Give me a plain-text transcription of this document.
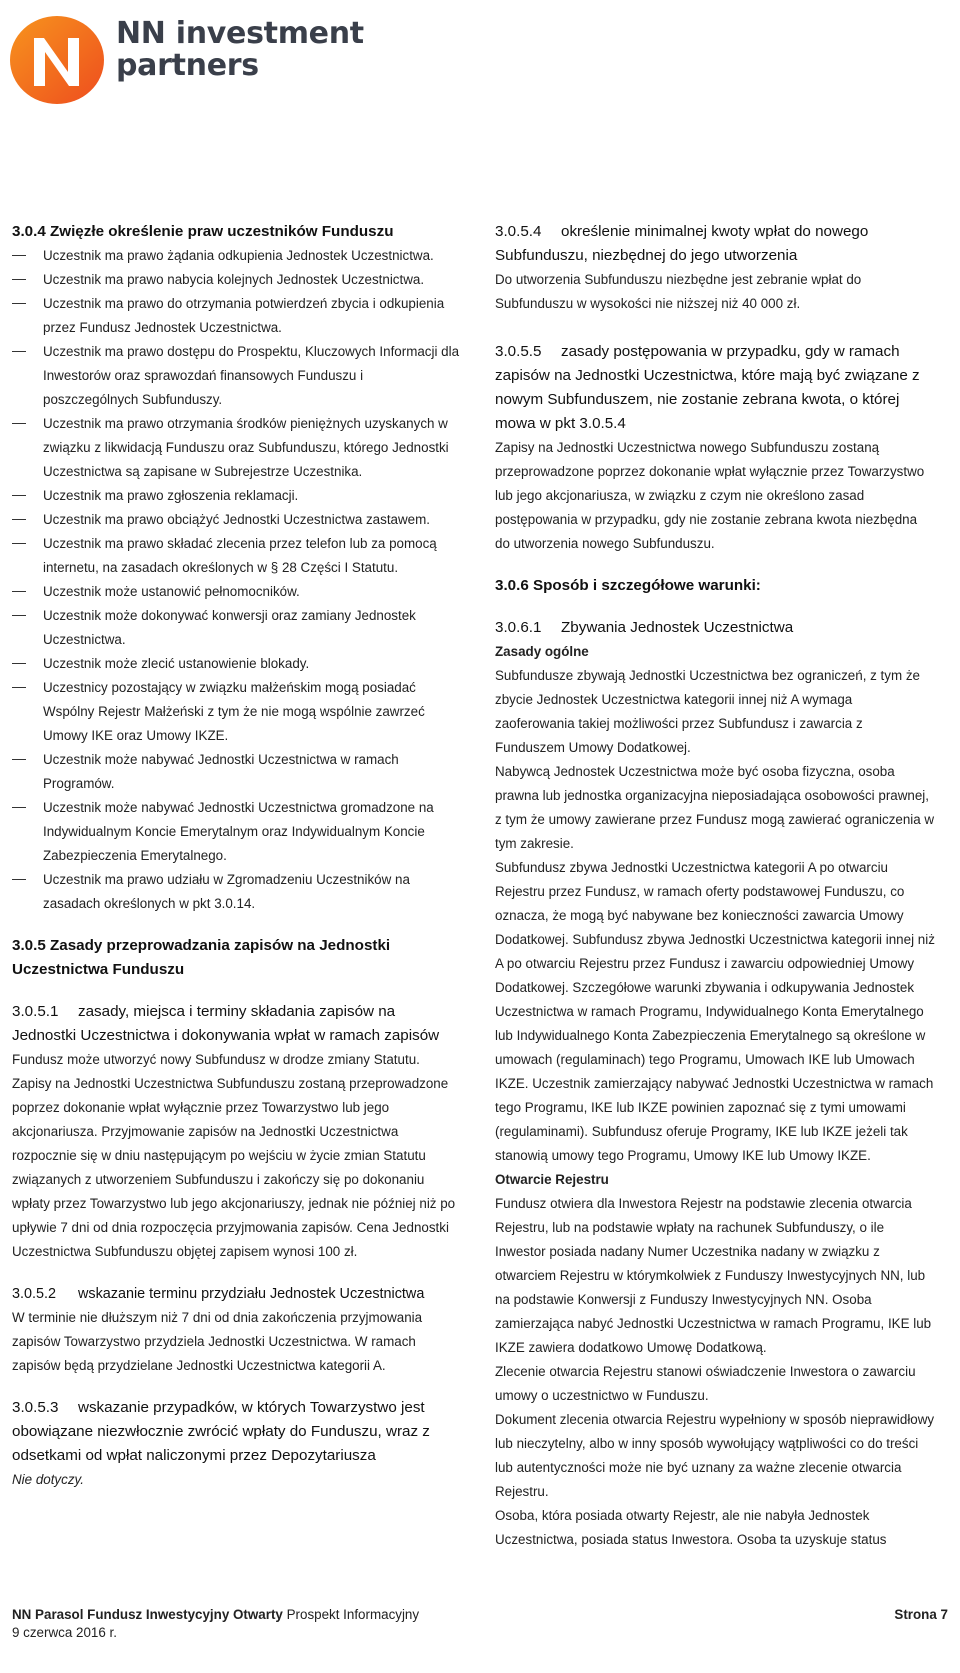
NN investment
partners
3.0.4 Zwięzłe określenie praw uczestników Funduszu
Uczestnik ma prawo żądania odkupienia Jednostek Uczestnictwa.
Uczestnik ma prawo nabycia kolejnych Jednostek Uczestnictwa.
Uczestnik ma prawo do otrzymania potwierdzeń zbycia i odkupienia przez Fundusz Jednostek Uczestnictwa.
Uczestnik ma prawo dostępu do Prospektu, Kluczowych Informacji dla Inwestorów oraz sprawozdań finansowych Funduszu i poszczególnych Subfunduszy.
Uczestnik ma prawo otrzymania środków pieniężnych uzyskanych w związku z likwidacją Funduszu oraz Subfunduszu, którego Jednostki Uczestnictwa są zapisane w Subrejestrze Uczestnika.
Uczestnik ma prawo zgłoszenia reklamacji.
Uczestnik ma prawo obciążyć Jednostki Uczestnictwa zastawem.
Uczestnik ma prawo składać zlecenia przez telefon lub za pomocą internetu, na zasadach określonych w § 28 Części I Statutu.
Uczestnik może ustanowić pełnomocników.
Uczestnik może dokonywać konwersji oraz zamiany Jednostek Uczestnictwa.
Uczestnik może zlecić ustanowienie blokady.
Uczestnicy pozostający w związku małżeńskim mogą posiadać Wspólny Rejestr Małżeński z tym że nie mogą wspólnie zawrzeć Umowy IKE oraz Umowy IKZE.
Uczestnik może nabywać Jednostki Uczestnictwa w ramach Programów.
Uczestnik może nabywać Jednostki Uczestnictwa gromadzone na Indywidualnym Koncie Emerytalnym oraz Indywidualnym Koncie Zabezpieczenia Emerytalnego.
Uczestnik ma prawo udziału w Zgromadzeniu Uczestników na zasadach określonych w pkt 3.0.14.
3.0.5 Zasady przeprowadzania zapisów na Jednostki Uczestnictwa Funduszu
3.0.5.1 zasady, miejsca i terminy składania zapisów na Jednostki Uczestnictwa i dokonywania wpłat w ramach zapisów
Fundusz może utworzyć nowy Subfundusz w drodze zmiany Statutu. Zapisy na Jednostki Uczestnictwa Subfunduszu zostaną przeprowadzone poprzez dokonanie wpłat wyłącznie przez Towarzystwo lub jego akcjonariusza. Przyjmowanie zapisów na Jednostki Uczestnictwa rozpocznie się w dniu następującym po wejściu w życie zmian Statutu związanych z utworzeniem Subfunduszu i zakończy się po dokonaniu wpłaty przez Towarzystwo lub jego akcjonariuszy, jednak nie później niż po upływie 7 dni od dnia rozpoczęcia przyjmowania zapisów. Cena Jednostki Uczestnictwa Subfunduszu objętej zapisem wynosi 100 zł.
3.0.5.2 wskazanie terminu przydziału Jednostek Uczestnictwa
W terminie nie dłuższym niż 7 dni od dnia zakończenia przyjmowania zapisów Towarzystwo przydziela Jednostki Uczestnictwa. W ramach zapisów będą przydzielane Jednostki Uczestnictwa kategorii A.
3.0.5.3 wskazanie przypadków, w których Towarzystwo jest obowiązane niezwłocznie zwrócić wpłaty do Funduszu, wraz z odsetkami od wpłat naliczonymi przez Depozytariusza
Nie dotyczy.
3.0.5.4 określenie minimalnej kwoty wpłat do nowego Subfunduszu, niezbędnej do jego utworzenia
Do utworzenia Subfunduszu niezbędne jest zebranie wpłat do Subfunduszu w wysokości nie niższej niż 40 000 zł.
3.0.5.5 zasady postępowania w przypadku, gdy w ramach zapisów na Jednostki Uczestnictwa, które mają być związane z nowym Subfunduszem, nie zostanie zebrana kwota, o której mowa w pkt 3.0.5.4
Zapisy na Jednostki Uczestnictwa nowego Subfunduszu zostaną przeprowadzone poprzez dokonanie wpłat wyłącznie przez Towarzystwo lub jego akcjonariusza, w związku z czym nie określono zasad postępowania w przypadku, gdy nie zostanie zebrana kwota niezbędna do utworzenia nowego Subfunduszu.
3.0.6 Sposób i szczegółowe warunki:
3.0.6.1 Zbywania Jednostek Uczestnictwa
Zasady ogólne
Subfundusze zbywają Jednostki Uczestnictwa bez ograniczeń, z tym że zbycie Jednostek Uczestnictwa kategorii innej niż A wymaga zaoferowania takiej możliwości przez Subfundusz i zawarcia z Funduszem Umowy Dodatkowej.
Nabywcą Jednostek Uczestnictwa może być osoba fizyczna, osoba prawna lub jednostka organizacyjna nieposiadająca osobowości prawnej, z tym że umowy zawierane przez Fundusz mogą zawierać ograniczenia w tym zakresie.
Subfundusz zbywa Jednostki Uczestnictwa kategorii A po otwarciu Rejestru przez Fundusz, w ramach oferty podstawowej Funduszu, co oznacza, że mogą być nabywane bez konieczności zawarcia Umowy Dodatkowej. Subfundusz zbywa Jednostki Uczestnictwa kategorii innej niż A po otwarciu Rejestru przez Fundusz i zawarciu odpowiedniej Umowy Dodatkowej. Szczegółowe warunki zbywania i odkupywania Jednostek Uczestnictwa w ramach Programu, Indywidualnego Konta Emerytalnego lub Indywidualnego Konta Zabezpieczenia Emerytalnego są określone w umowach (regulaminach) tego Programu, Umowach IKE lub Umowach IKZE. Uczestnik zamierzający nabywać Jednostki Uczestnictwa w ramach tego Programu, IKE lub IKZE powinien zapoznać się z tymi umowami (regulaminami). Subfundusz oferuje Programy, IKE lub IKZE jeżeli tak stanowią umowy tego Programu, Umowy IKE lub Umowy IKZE.
Otwarcie Rejestru
Fundusz otwiera dla Inwestora Rejestr na podstawie zlecenia otwarcia Rejestru, lub na podstawie wpłaty na rachunek Subfunduszy, o ile Inwestor posiada nadany Numer Uczestnika nadany w związku z otwarciem Rejestru w którymkolwiek z Funduszy Inwestycyjnych NN, lub na podstawie Konwersji z Funduszy Inwestycyjnych NN. Osoba zamierzająca nabyć Jednostki Uczestnictwa w ramach Programu, IKE lub IKZE zawiera dodatkowo Umowę Dodatkową.
Zlecenie otwarcia Rejestru stanowi oświadczenie Inwestora o zawarciu umowy o uczestnictwo w Funduszu.
Dokument zlecenia otwarcia Rejestru wypełniony w sposób nieprawidłowy lub nieczytelny, albo w inny sposób wywołujący wątpliwości co do treści lub autentyczności może nie być uznany za ważne zlecenie otwarcia Rejestru.
Osoba, która posiada otwarty Rejestr, ale nie nabyła Jednostek Uczestnictwa, posiada status Inwestora. Osoba ta uzyskuje status
NN Parasol Fundusz Inwestycyjny Otwarty Prospekt Informacyjny
9 czerwca 2016 r.
Strona 7
